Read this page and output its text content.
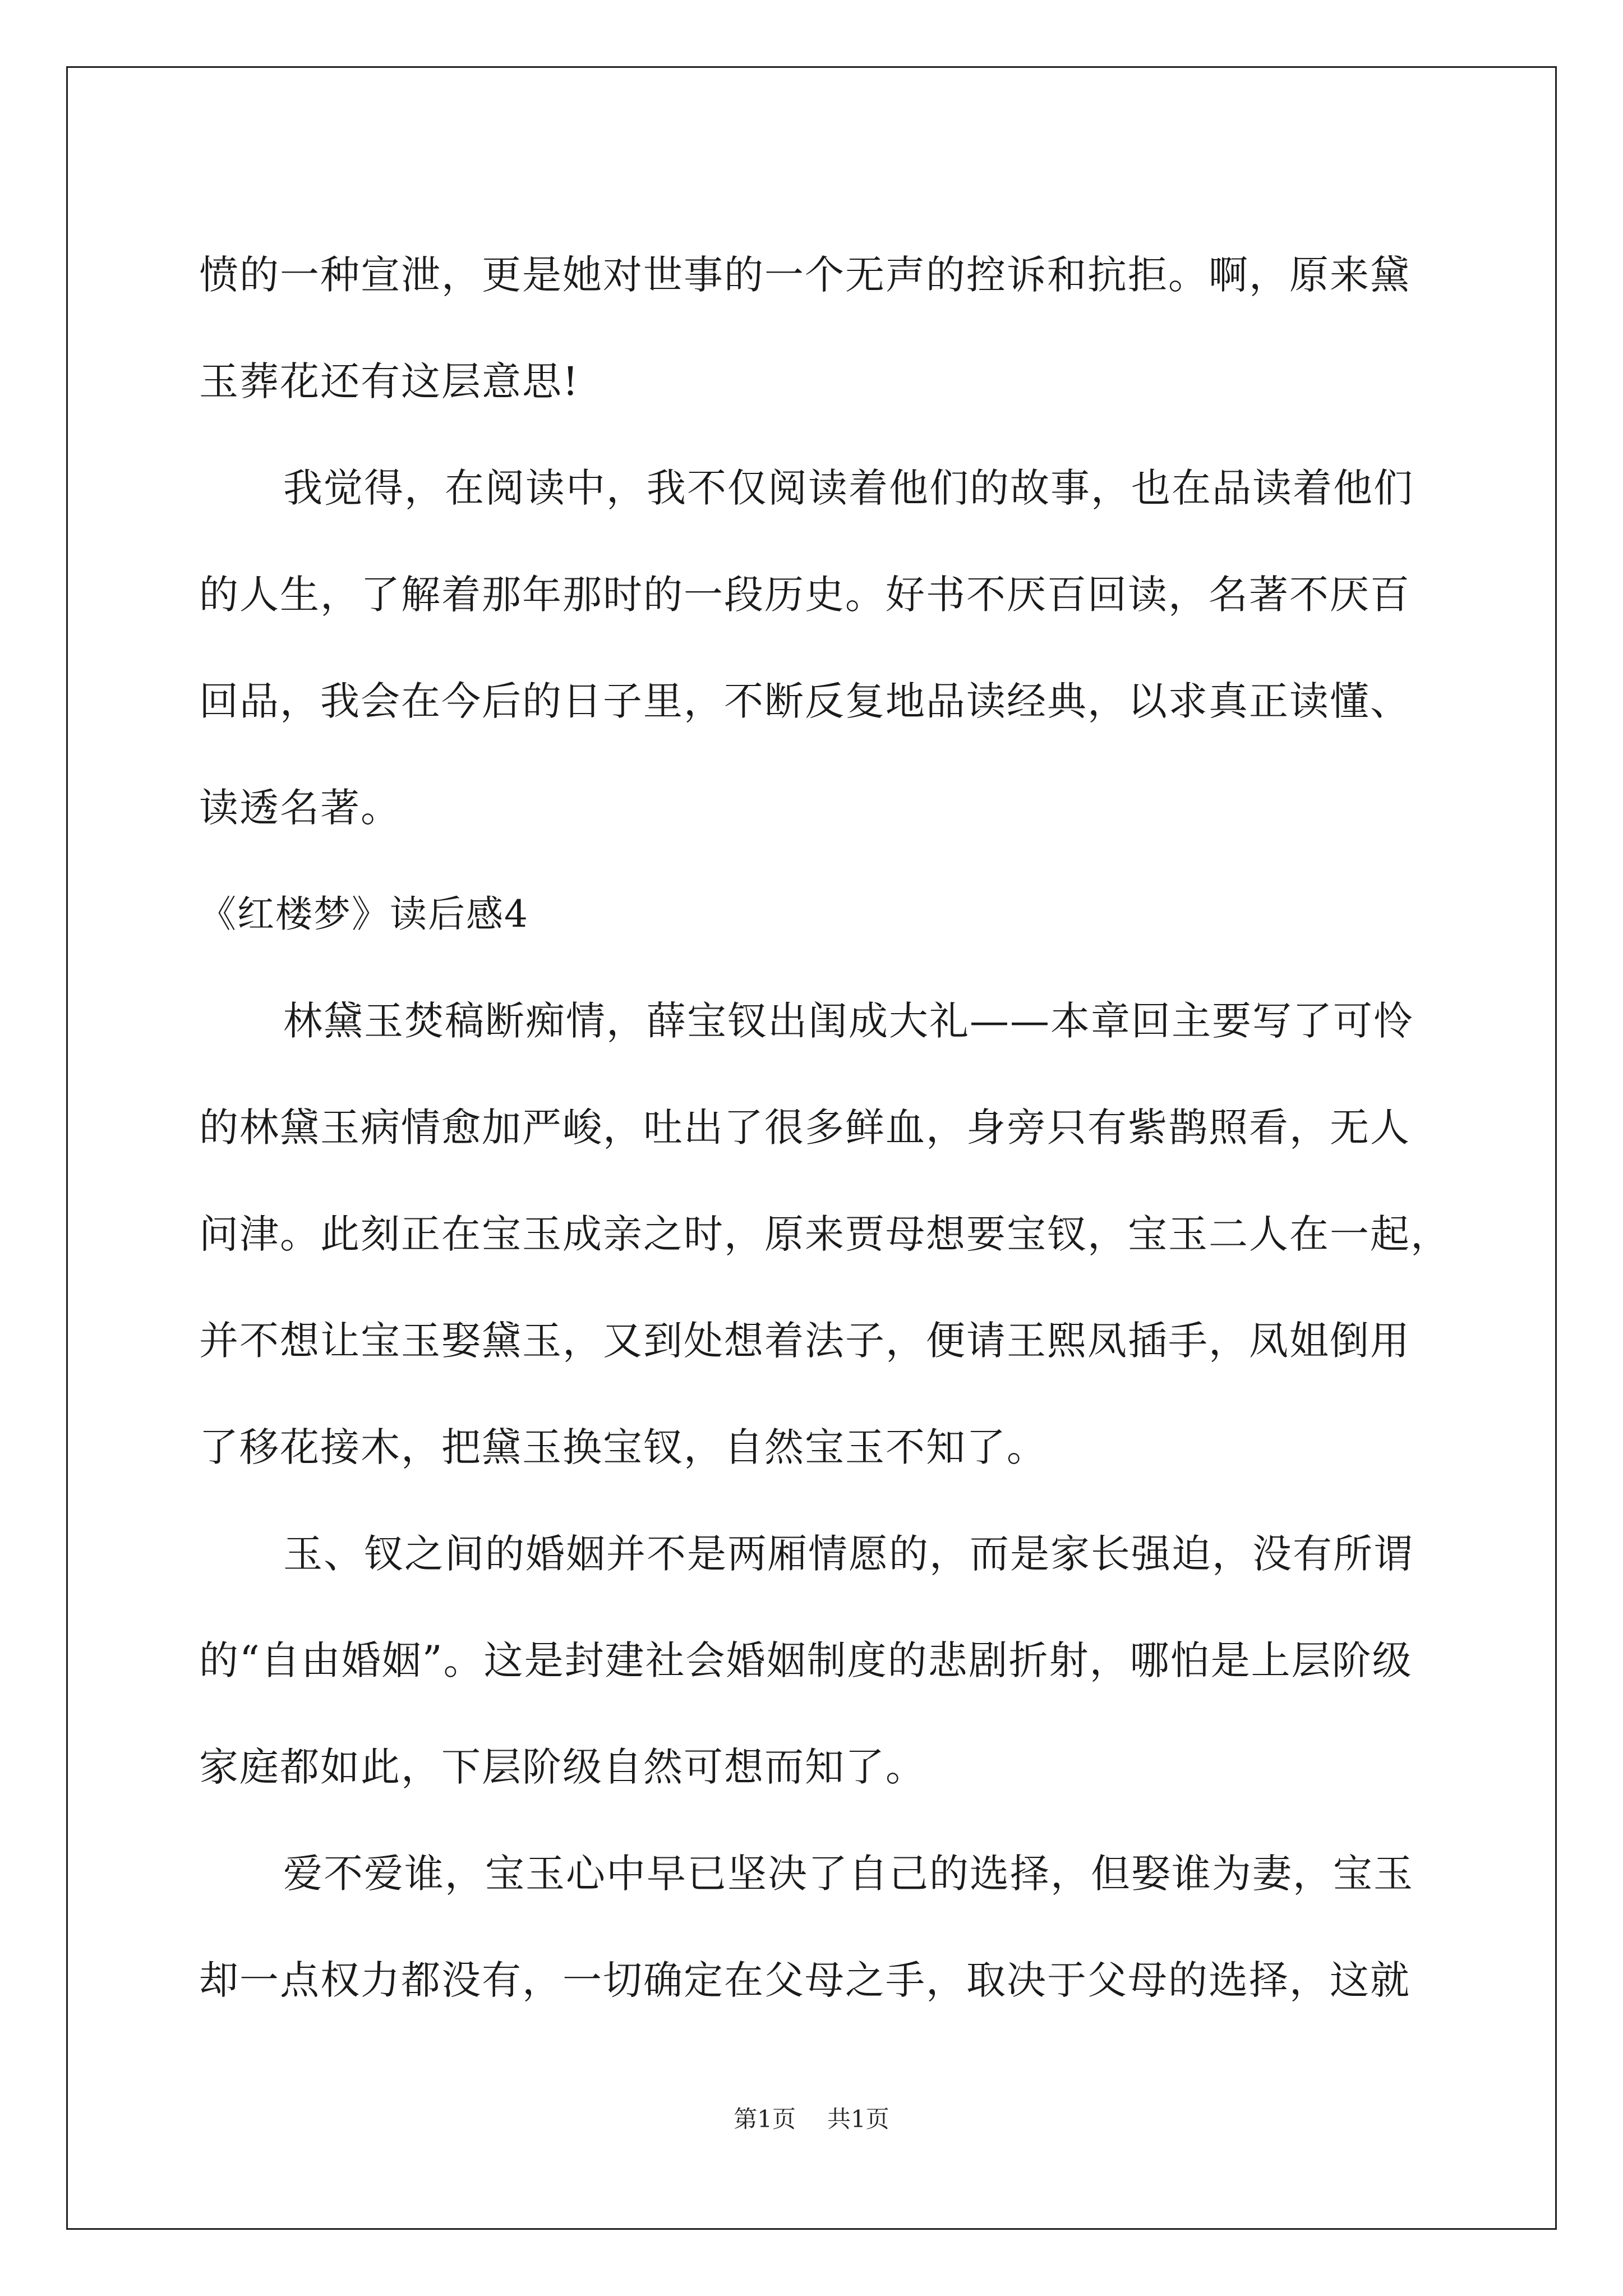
愤的一种宣泄，更是她对世事的一个无声的控诉和抗拒。啊，原来黛
玉葬花还有这层意思!
我觉得，在阅读中，我不仅阅读着他们的故事，也在品读着他们
的人生，了解着那年那时的一段历史。好书不厌百回读，名著不厌百
回品，我会在今后的日子里，不断反复地品读经典，以求真正读懂、
读透名著。
《红楼梦》读后感4
林黛玉焚稿断痴情，薛宝钗出闺成大礼——本章回主要写了可怜
的林黛玉病情愈加严峻，吐出了很多鲜血，身旁只有紫鹊照看，无人
问津。此刻正在宝玉成亲之时，原来贾母想要宝钗，宝玉二人在一起，
并不想让宝玉娶黛玉，又到处想着法子，便请王熙凤插手，凤姐倒用
了移花接木，把黛玉换宝钗，自然宝玉不知了。
玉、钗之间的婚姻并不是两厢情愿的，而是家长强迫，没有所谓
的“自由婚姻”。这是封建社会婚姻制度的悲剧折射，哪怕是上层阶级
家庭都如此，下层阶级自然可想而知了。
爱不爱谁，宝玉心中早已坚决了自己的选择，但娶谁为妻，宝玉
却一点权力都没有，一切确定在父母之手，取决于父母的选择，这就
第1页 共1页
